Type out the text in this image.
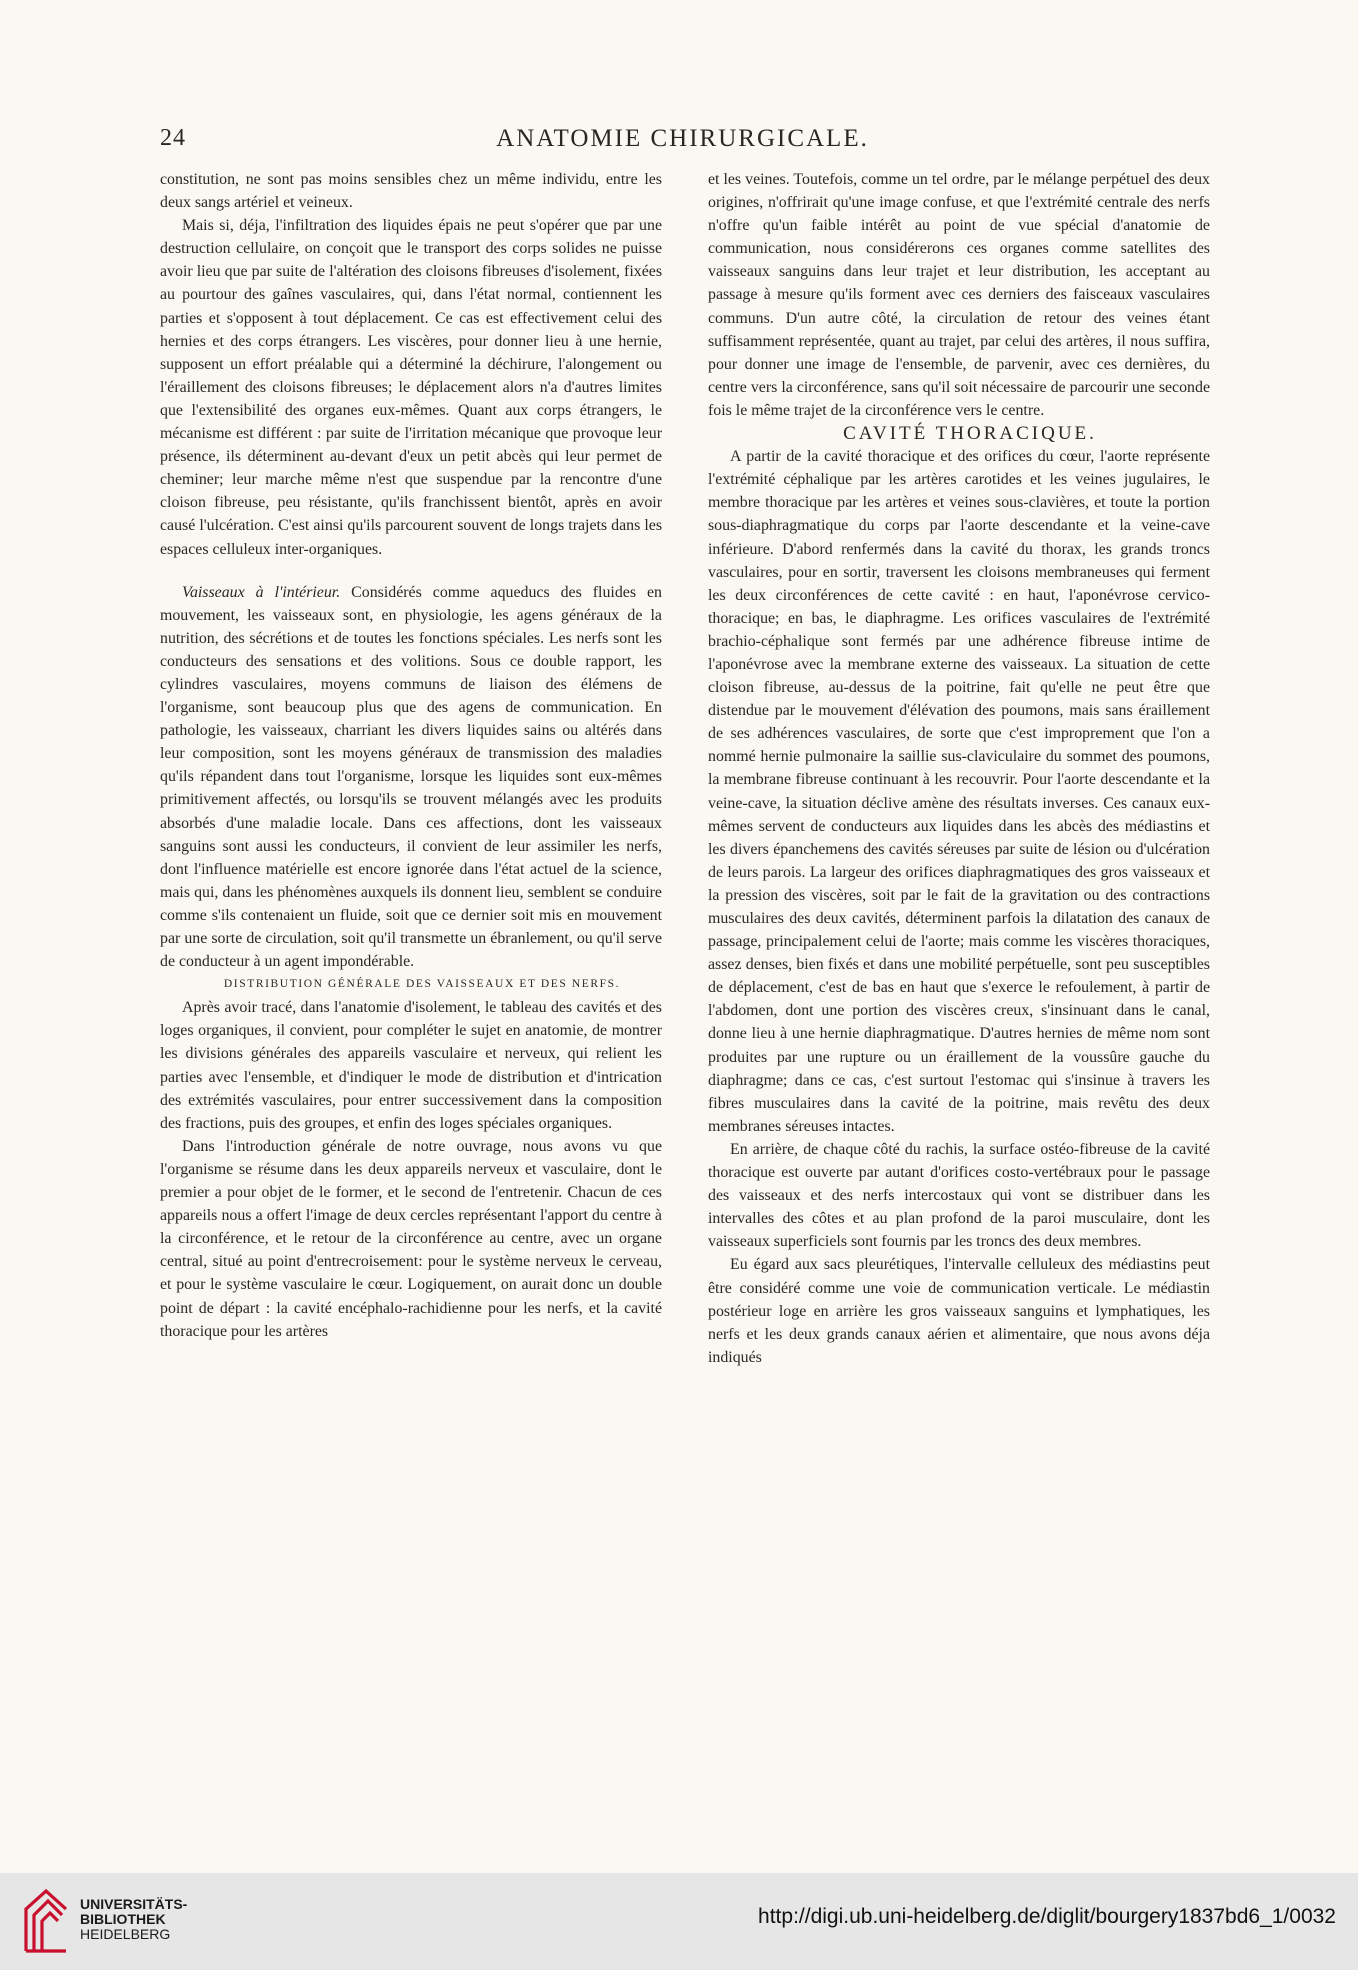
24	ANATOMIE CHIRURGICALE.

constitution, ne sont pas moins sensibles chez un même individu, entre les deux sangs artériel et veineux.

Mais si, déja, l'infiltration des liquides épais ne peut s'opérer que par une destruction cellulaire, on conçoit que le transport des corps solides ne puisse avoir lieu que par suite de l'altération des cloisons fibreuses d'isolement, fixées au pourtour des gaînes vasculaires, qui, dans l'état normal, contiennent les parties et s'opposent à tout déplacement. Ce cas est effectivement celui des hernies et des corps étrangers. Les viscères, pour donner lieu à une hernie, supposent un effort préalable qui a déterminé la déchirure, l'alongement ou l'éraillement des cloisons fibreuses; le déplacement alors n'a d'autres limites que l'extensibilité des organes eux-mêmes. Quant aux corps étrangers, le mécanisme est différent : par suite de l'irritation mécanique que provoque leur présence, ils déterminent au-devant d'eux un petit abcès qui leur permet de cheminer; leur marche même n'est que suspendue par la rencontre d'une cloison fibreuse, peu résistante, qu'ils franchissent bientôt, après en avoir causé l'ulcération. C'est ainsi qu'ils parcourent souvent de longs trajets dans les espaces celluleux inter-organiques.

Vaisseaux à l'intérieur. Considérés comme aqueducs des fluides en mouvement, les vaisseaux sont, en physiologie, les agens généraux de la nutrition, des sécrétions et de toutes les fonctions spéciales. Les nerfs sont les conducteurs des sensations et des volitions. Sous ce double rapport, les cylindres vasculaires, moyens communs de liaison des élémens de l'organisme, sont beaucoup plus que des agens de communication. En pathologie, les vaisseaux, charriant les divers liquides sains ou altérés dans leur composition, sont les moyens généraux de transmission des maladies qu'ils répandent dans tout l'organisme, lorsque les liquides sont eux-mêmes primitivement affectés, ou lorsqu'ils se trouvent mélangés avec les produits absorbés d'une maladie locale. Dans ces affections, dont les vaisseaux sanguins sont aussi les conducteurs, il convient de leur assimiler les nerfs, dont l'influence matérielle est encore ignorée dans l'état actuel de la science, mais qui, dans les phénomènes auxquels ils donnent lieu, semblent se conduire comme s'ils contenaient un fluide, soit que ce dernier soit mis en mouvement par une sorte de circulation, soit qu'il transmette un ébranlement, ou qu'il serve de conducteur à un agent impondérable.

DISTRIBUTION GÉNÉRALE DES VAISSEAUX ET DES NERFS.

Après avoir tracé, dans l'anatomie d'isolement, le tableau des cavités et des loges organiques, il convient, pour compléter le sujet en anatomie, de montrer les divisions générales des appareils vasculaire et nerveux, qui relient les parties avec l'ensemble, et d'indiquer le mode de distribution et d'intrication des extrémités vasculaires, pour entrer successivement dans la composition des fractions, puis des groupes, et enfin des loges spéciales organiques.

Dans l'introduction générale de notre ouvrage, nous avons vu que l'organisme se résume dans les deux appareils nerveux et vasculaire, dont le premier a pour objet de le former, et le second de l'entretenir. Chacun de ces appareils nous a offert l'image de deux cercles représentant l'apport du centre à la circonférence, et le retour de la circonférence au centre, avec un organe central, situé au point d'entrecroisement: pour le système nerveux le cerveau, et pour le système vasculaire le cœur. Logiquement, on aurait donc un double point de départ : la cavité encéphalo-rachidienne pour les nerfs, et la cavité thoracique pour les artères

et les veines. Toutefois, comme un tel ordre, par le mélange perpétuel des deux origines, n'offrirait qu'une image confuse, et que l'extrémité centrale des nerfs n'offre qu'un faible intérêt au point de vue spécial d'anatomie de communication, nous considérerons ces organes comme satellites des vaisseaux sanguins dans leur trajet et leur distribution, les acceptant au passage à mesure qu'ils forment avec ces derniers des faisceaux vasculaires communs. D'un autre côté, la circulation de retour des veines étant suffisamment représentée, quant au trajet, par celui des artères, il nous suffira, pour donner une image de l'ensemble, de parvenir, avec ces dernières, du centre vers la circonférence, sans qu'il soit nécessaire de parcourir une seconde fois le même trajet de la circonférence vers le centre.

CAVITÉ THORACIQUE.

A partir de la cavité thoracique et des orifices du cœur, l'aorte représente l'extrémité céphalique par les artères carotides et les veines jugulaires, le membre thoracique par les artères et veines sous-clavières, et toute la portion sous-diaphragmatique du corps par l'aorte descendante et la veine-cave inférieure. D'abord renfermés dans la cavité du thorax, les grands troncs vasculaires, pour en sortir, traversent les cloisons membraneuses qui ferment les deux circonférences de cette cavité : en haut, l'aponévrose cervico-thoracique; en bas, le diaphragme. Les orifices vasculaires de l'extrémité brachio-céphalique sont fermés par une adhérence fibreuse intime de l'aponévrose avec la membrane externe des vaisseaux. La situation de cette cloison fibreuse, au-dessus de la poitrine, fait qu'elle ne peut être que distendue par le mouvement d'élévation des poumons, mais sans éraillement de ses adhérences vasculaires, de sorte que c'est improprement que l'on a nommé hernie pulmonaire la saillie sus-claviculaire du sommet des poumons, la membrane fibreuse continuant à les recouvrir. Pour l'aorte descendante et la veine-cave, la situation déclive amène des résultats inverses. Ces canaux eux-mêmes servent de conducteurs aux liquides dans les abcès des médiastins et les divers épanchemens des cavités séreuses par suite de lésion ou d'ulcération de leurs parois. La largeur des orifices diaphragmatiques des gros vaisseaux et la pression des viscères, soit par le fait de la gravitation ou des contractions musculaires des deux cavités, déterminent parfois la dilatation des canaux de passage, principalement celui de l'aorte; mais comme les viscères thoraciques, assez denses, bien fixés et dans une mobilité perpétuelle, sont peu susceptibles de déplacement, c'est de bas en haut que s'exerce le refoulement, à partir de l'abdomen, dont une portion des viscères creux, s'insinuant dans le canal, donne lieu à une hernie diaphragmatique. D'autres hernies de même nom sont produites par une rupture ou un éraillement de la voussûre gauche du diaphragme; dans ce cas, c'est surtout l'estomac qui s'insinue à travers les fibres musculaires dans la cavité de la poitrine, mais revêtu des deux membranes séreuses intactes.

En arrière, de chaque côté du rachis, la surface ostéo-fibreuse de la cavité thoracique est ouverte par autant d'orifices costo-vertébraux pour le passage des vaisseaux et des nerfs intercostaux qui vont se distribuer dans les intervalles des côtes et au plan profond de la paroi musculaire, dont les vaisseaux superficiels sont fournis par les troncs des deux membres.

Eu égard aux sacs pleurétiques, l'intervalle celluleux des médiastins peut être considéré comme une voie de communication verticale. Le médiastin postérieur loge en arrière les gros vaisseaux sanguins et lymphatiques, les nerfs et les deux grands canaux aérien et alimentaire, que nous avons déja indiqués

UNIVERSITÄTS-
BIBLIOTHEK
HEIDELBERG
http://digi.ub.uni-heidelberg.de/diglit/bourgery1837bd6_1/0032
